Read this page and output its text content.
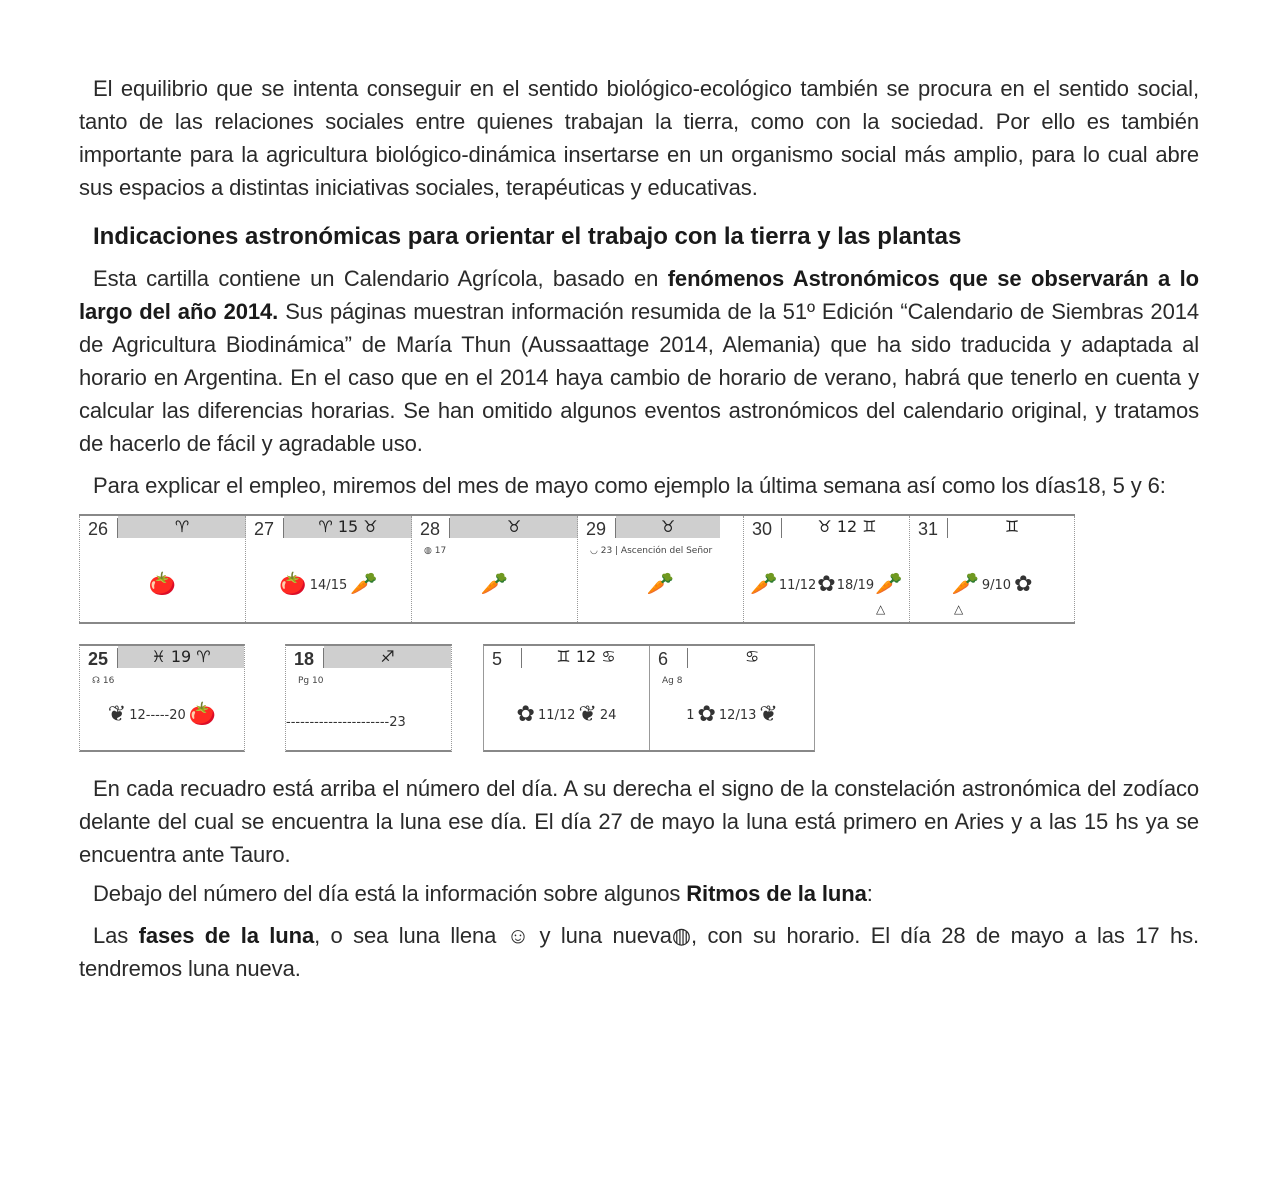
El equilibrio que se intenta conseguir en el sentido biológico-ecológico también se procura en el sentido social, tanto de las relaciones sociales entre quienes trabajan la tierra, como con la sociedad. Por ello es también importante para la agricultura biológico-dinámica insertarse en un organismo social más amplio, para lo cual abre sus espacios a distintas iniciativas sociales, terapéuticas y educativas.

Indicaciones astronómicas para orientar el trabajo con la tierra y las plantas

Esta cartilla contiene un Calendario Agrícola, basado en fenómenos Astronómicos que se observarán a lo largo del año 2014. Sus páginas muestran información resumida de la 51º Edición “Calendario de Siembras 2014 de Agricultura Biodinámica” de María Thun (Aussaattage 2014, Alemania) que ha sido traducida y adaptada al horario en Argentina. En el caso que en el 2014 haya cambio de horario de verano, habrá que tenerlo en cuenta y calcular las diferencias horarias. Se han omitido algunos eventos astronómicos del calendario original, y tratamos de hacerlo de fácil y agradable uso.

Para explicar el empleo, miremos del mes de mayo como ejemplo la última semana así como los días18, 5 y 6:

En cada recuadro está arriba el número del día. A su derecha el signo de la constelación astronómica del zodíaco delante del cual se encuentra la luna ese día. El día 27 de mayo la luna está primero en Aries y a las 15 hs ya se encuentra ante Tauro.

Debajo del número del día está la información sobre algunos Ritmos de la luna:

Las fases de la luna, o sea luna llena ☺ y luna nueva◍, con su horario. El día 28 de mayo a las 17 hs. tendremos luna nueva.

26	♈
🍅
27	♈ 15 ♉
🍅 14/15 🥕
28	♉
◍ 17
🥕
29	♉
◡ 23 | Ascención del Señor
🥕
30	♉ 12 ♊
🥕 11/12 ✿ 18/19 🥕
△
31	♊
🥕 9/10 ✿
△
25	♓ 19 ♈
☊ 16
❦ 12-----20 🍅
18	♐
Pg 10
----------------------23
5	♊ 12 ♋
✿ 11/12 ❦ 24
6	♋
Ag 8
1 ✿ 12/13 ❦
